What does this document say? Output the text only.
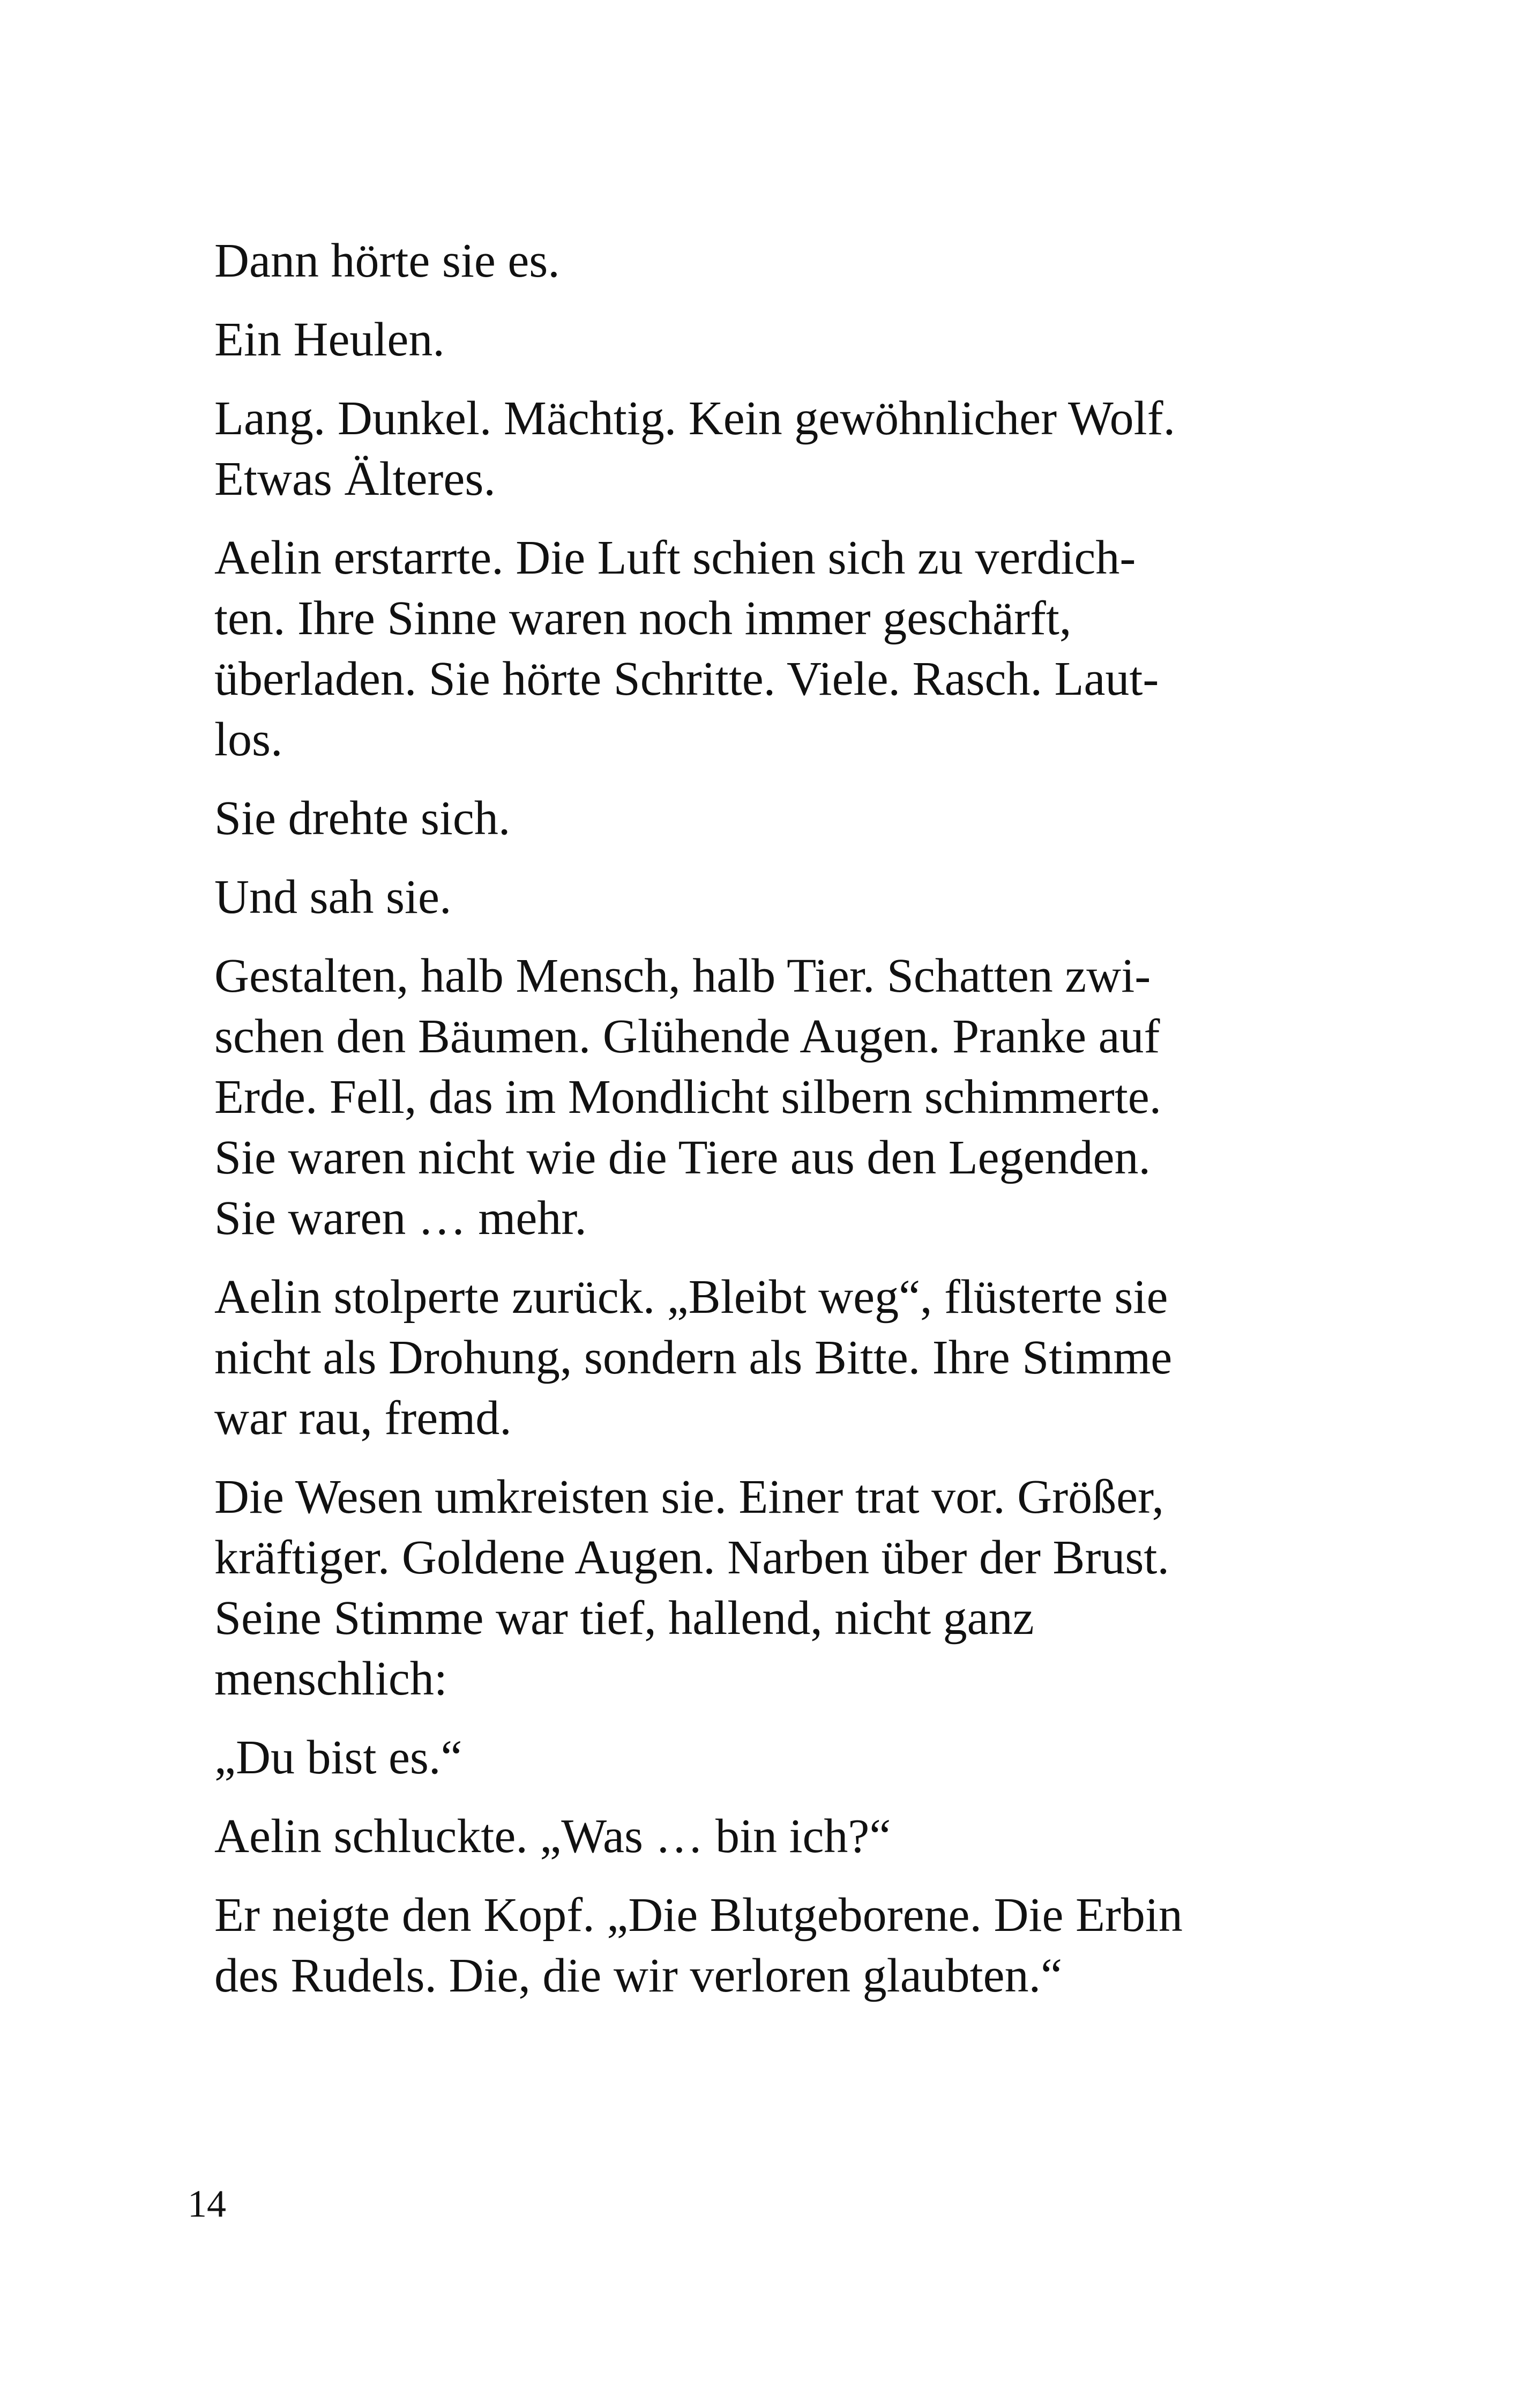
Dann hörte sie es.

Ein Heulen.

Lang. Dunkel. Mächtig. Kein gewöhnlicher Wolf.
Etwas Älteres.

Aelin erstarrte. Die Luft schien sich zu verdich-
ten. Ihre Sinne waren noch immer geschärft,
überladen. Sie hörte Schritte. Viele. Rasch. Laut-
los.

Sie drehte sich.

Und sah sie.

Gestalten, halb Mensch, halb Tier. Schatten zwi-
schen den Bäumen. Glühende Augen. Pranke auf
Erde. Fell, das im Mondlicht silbern schimmerte.
Sie waren nicht wie die Tiere aus den Legenden.
Sie waren … mehr.

Aelin stolperte zurück. „Bleibt weg“, flüsterte sie
nicht als Drohung, sondern als Bitte. Ihre Stimme
war rau, fremd.

Die Wesen umkreisten sie. Einer trat vor. Größer,
kräftiger. Goldene Augen. Narben über der Brust.
Seine Stimme war tief, hallend, nicht ganz
menschlich:

„Du bist es.“

Aelin schluckte. „Was … bin ich?“

Er neigte den Kopf. „Die Blutgeborene. Die Erbin
des Rudels. Die, die wir verloren glaubten.“

14
